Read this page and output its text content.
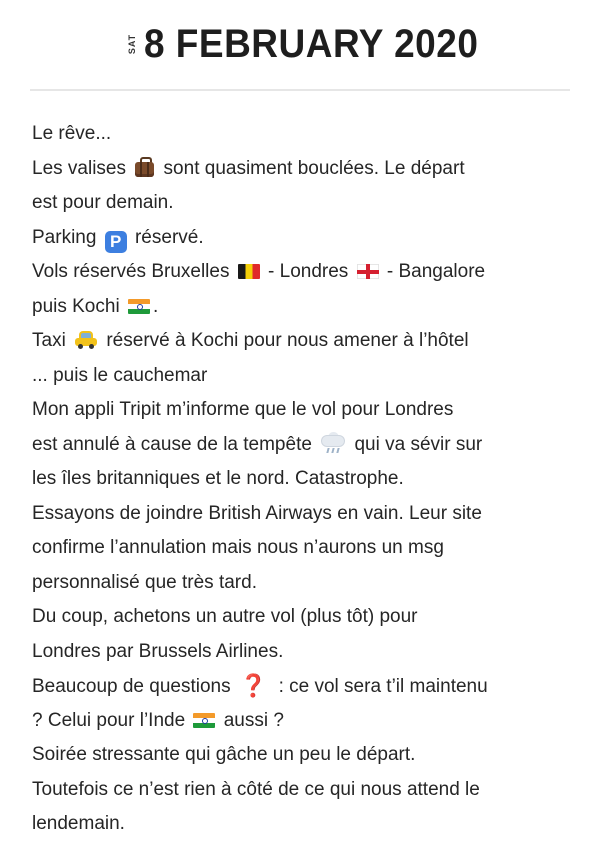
SAT 8 FEBRUARY 2020
Le rêve...
Les valises
sont quasiment bouclées. Le départ
est pour demain.
Parking P réservé.
Vols réservés Bruxelles  - Londres
- Bangalore
puis Kochi
.
Taxi
réservé à Kochi pour nous amener à l’hôtel
... puis le cauchemar
Mon appli Tripit m’informe que le vol pour Londres
est annulé à cause de la tempête
qui va sévir sur
les îles britanniques et le nord. Catastrophe.
Essayons de joindre British Airways en vain. Leur site
confirme l’annulation mais nous n’aurons un msg
personnalisé que très tard.
Du coup, achetons un autre vol (plus tôt) pour
Londres par Brussels Airlines.
Beaucoup de questions ❓ : ce vol sera t’il maintenu
? Celui pour l’Inde
aussi ?
Soirée stressante qui gâche un peu le départ.
Toutefois ce n’est rien à côté de ce qui nous attend le
lendemain.
